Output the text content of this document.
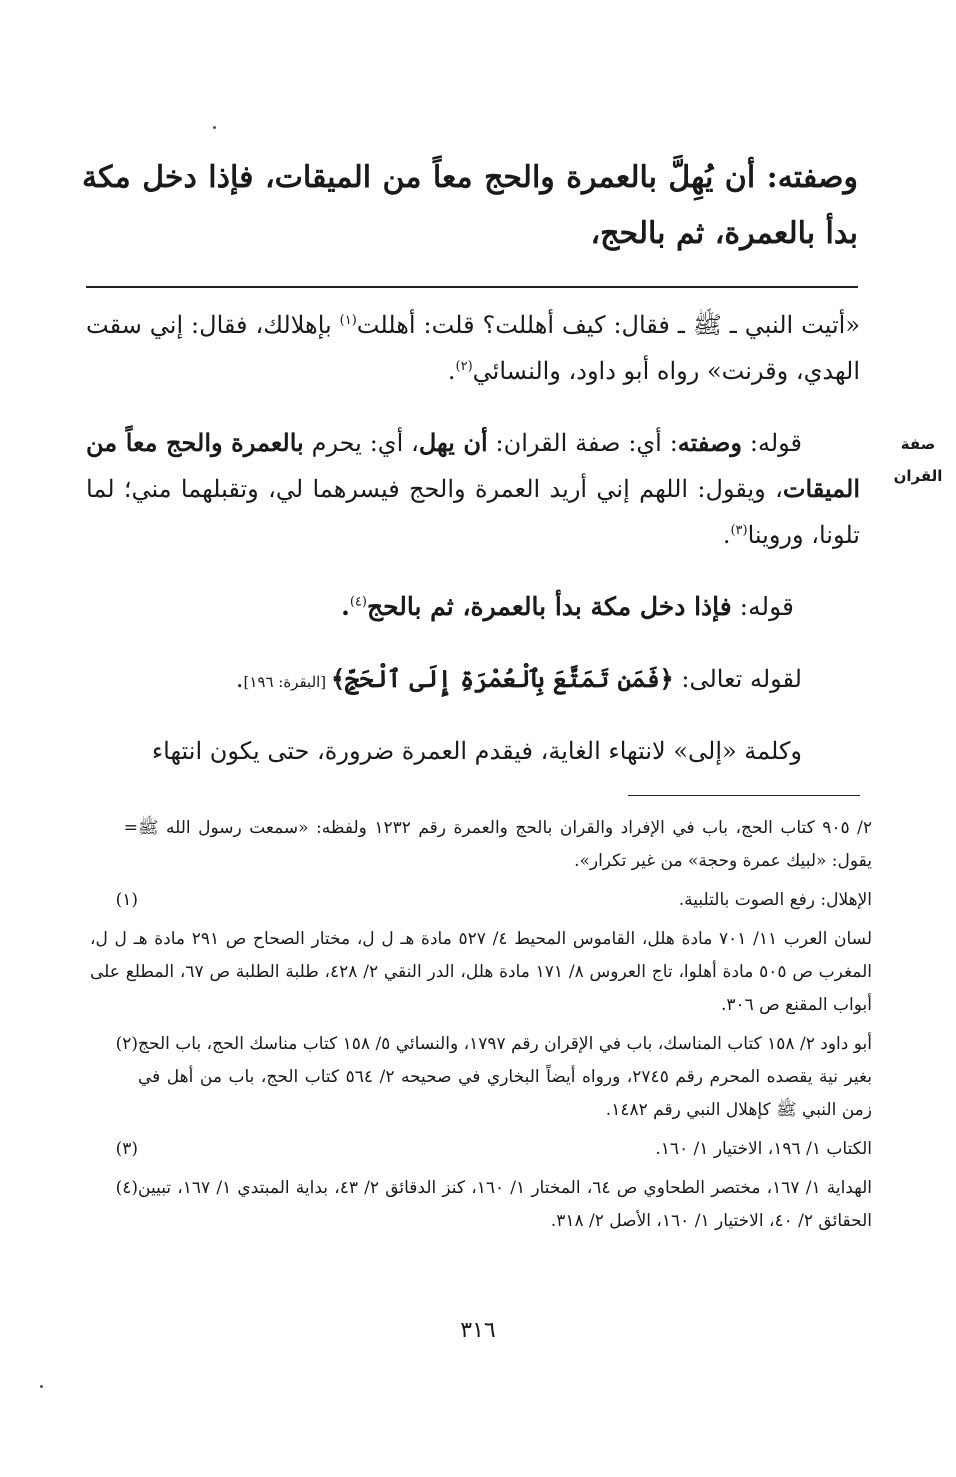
وصفته: أن يُهِلَّ بالعمرة والحج معاً من الميقات، فإذا دخل مكة بدأ بالعمرة، ثم بالحج،
«أتيت النبي ـ ﷺ ـ فقال: كيف أهللت؟ قلت: أهللت$^{(١)}$ بإهلالك، فقال: إني سقت الهدي، وقرنت» رواه أبو داود، والنسائي$^{(٢)}$.
صفة
القران
قوله: وصفته: أي: صفة القران: أن يهل، أي: يحرم بالعمرة والحج معاً من الميقات، ويقول: اللهم إني أريد العمرة والحج فيسرهما لي، وتقبلهما مني؛ لما تلونا، وروينا$^{(٣)}$.
قوله: فإذا دخل مكة بدأ بالعمرة، ثم بالحج$^{(٤)}$.
لقوله تعالى: ﴿فَمَن تَمَتَّعَ بِٱلْعُمْرَةِ إِلَى ٱلْحَجِّ﴾ [البقرة: ١٩٦].
وكلمة «إلى» لانتهاء الغاية، فيقدم العمرة ضرورة، حتى يكون انتهاء
= ٢/ ٩٠٥ كتاب الحج، باب في الإفراد والقران بالحج والعمرة رقم ١٢٣٢ ولفظه: «سمعت رسول الله ﷺ يقول: «لبيك عمرة وحجة» من غير تكرار».
(١)	الإهلال: رفع الصوت بالتلبية.
لسان العرب ١١/ ٧٠١ مادة هلل، القاموس المحيط ٤/ ٥٢٧ مادة هـ ل ل، مختار الصحاح ص ٢٩١ مادة هـ ل ل، المغرب ص ٥٠٥ مادة أهلوا، تاج العروس ٨/ ١٧١ مادة هلل، الدر النقي ٢/ ٤٢٨، طلبة الطلبة ص ٦٧، المطلع على أبواب المقنع ص ٣٠٦.
(٢) أبو داود ٢/ ١٥٨ كتاب المناسك، باب في الإقران رقم ١٧٩٧، والنسائي ٥/ ١٥٨ كتاب مناسك الحج، باب الحج بغير نية يقصده المحرم رقم ٢٧٤٥، ورواه أيضاً البخاري في صحيحه ٢/ ٥٦٤ كتاب الحج، باب من أهل في زمن النبي ﷺ كإهلال النبي رقم ١٤٨٢.
(٣)	الكتاب ١/ ١٩٦، الاختيار ١/ ١٦٠.
(٤) الهداية ١/ ١٦٧، مختصر الطحاوي ص ٦٤، المختار ١/ ١٦٠، كنز الدقائق ٢/ ٤٣، بداية المبتدي ١/ ١٦٧، تبيين الحقائق ٢/ ٤٠، الاختيار ١/ ١٦٠، الأصل ٢/ ٣١٨.
٣١٦
